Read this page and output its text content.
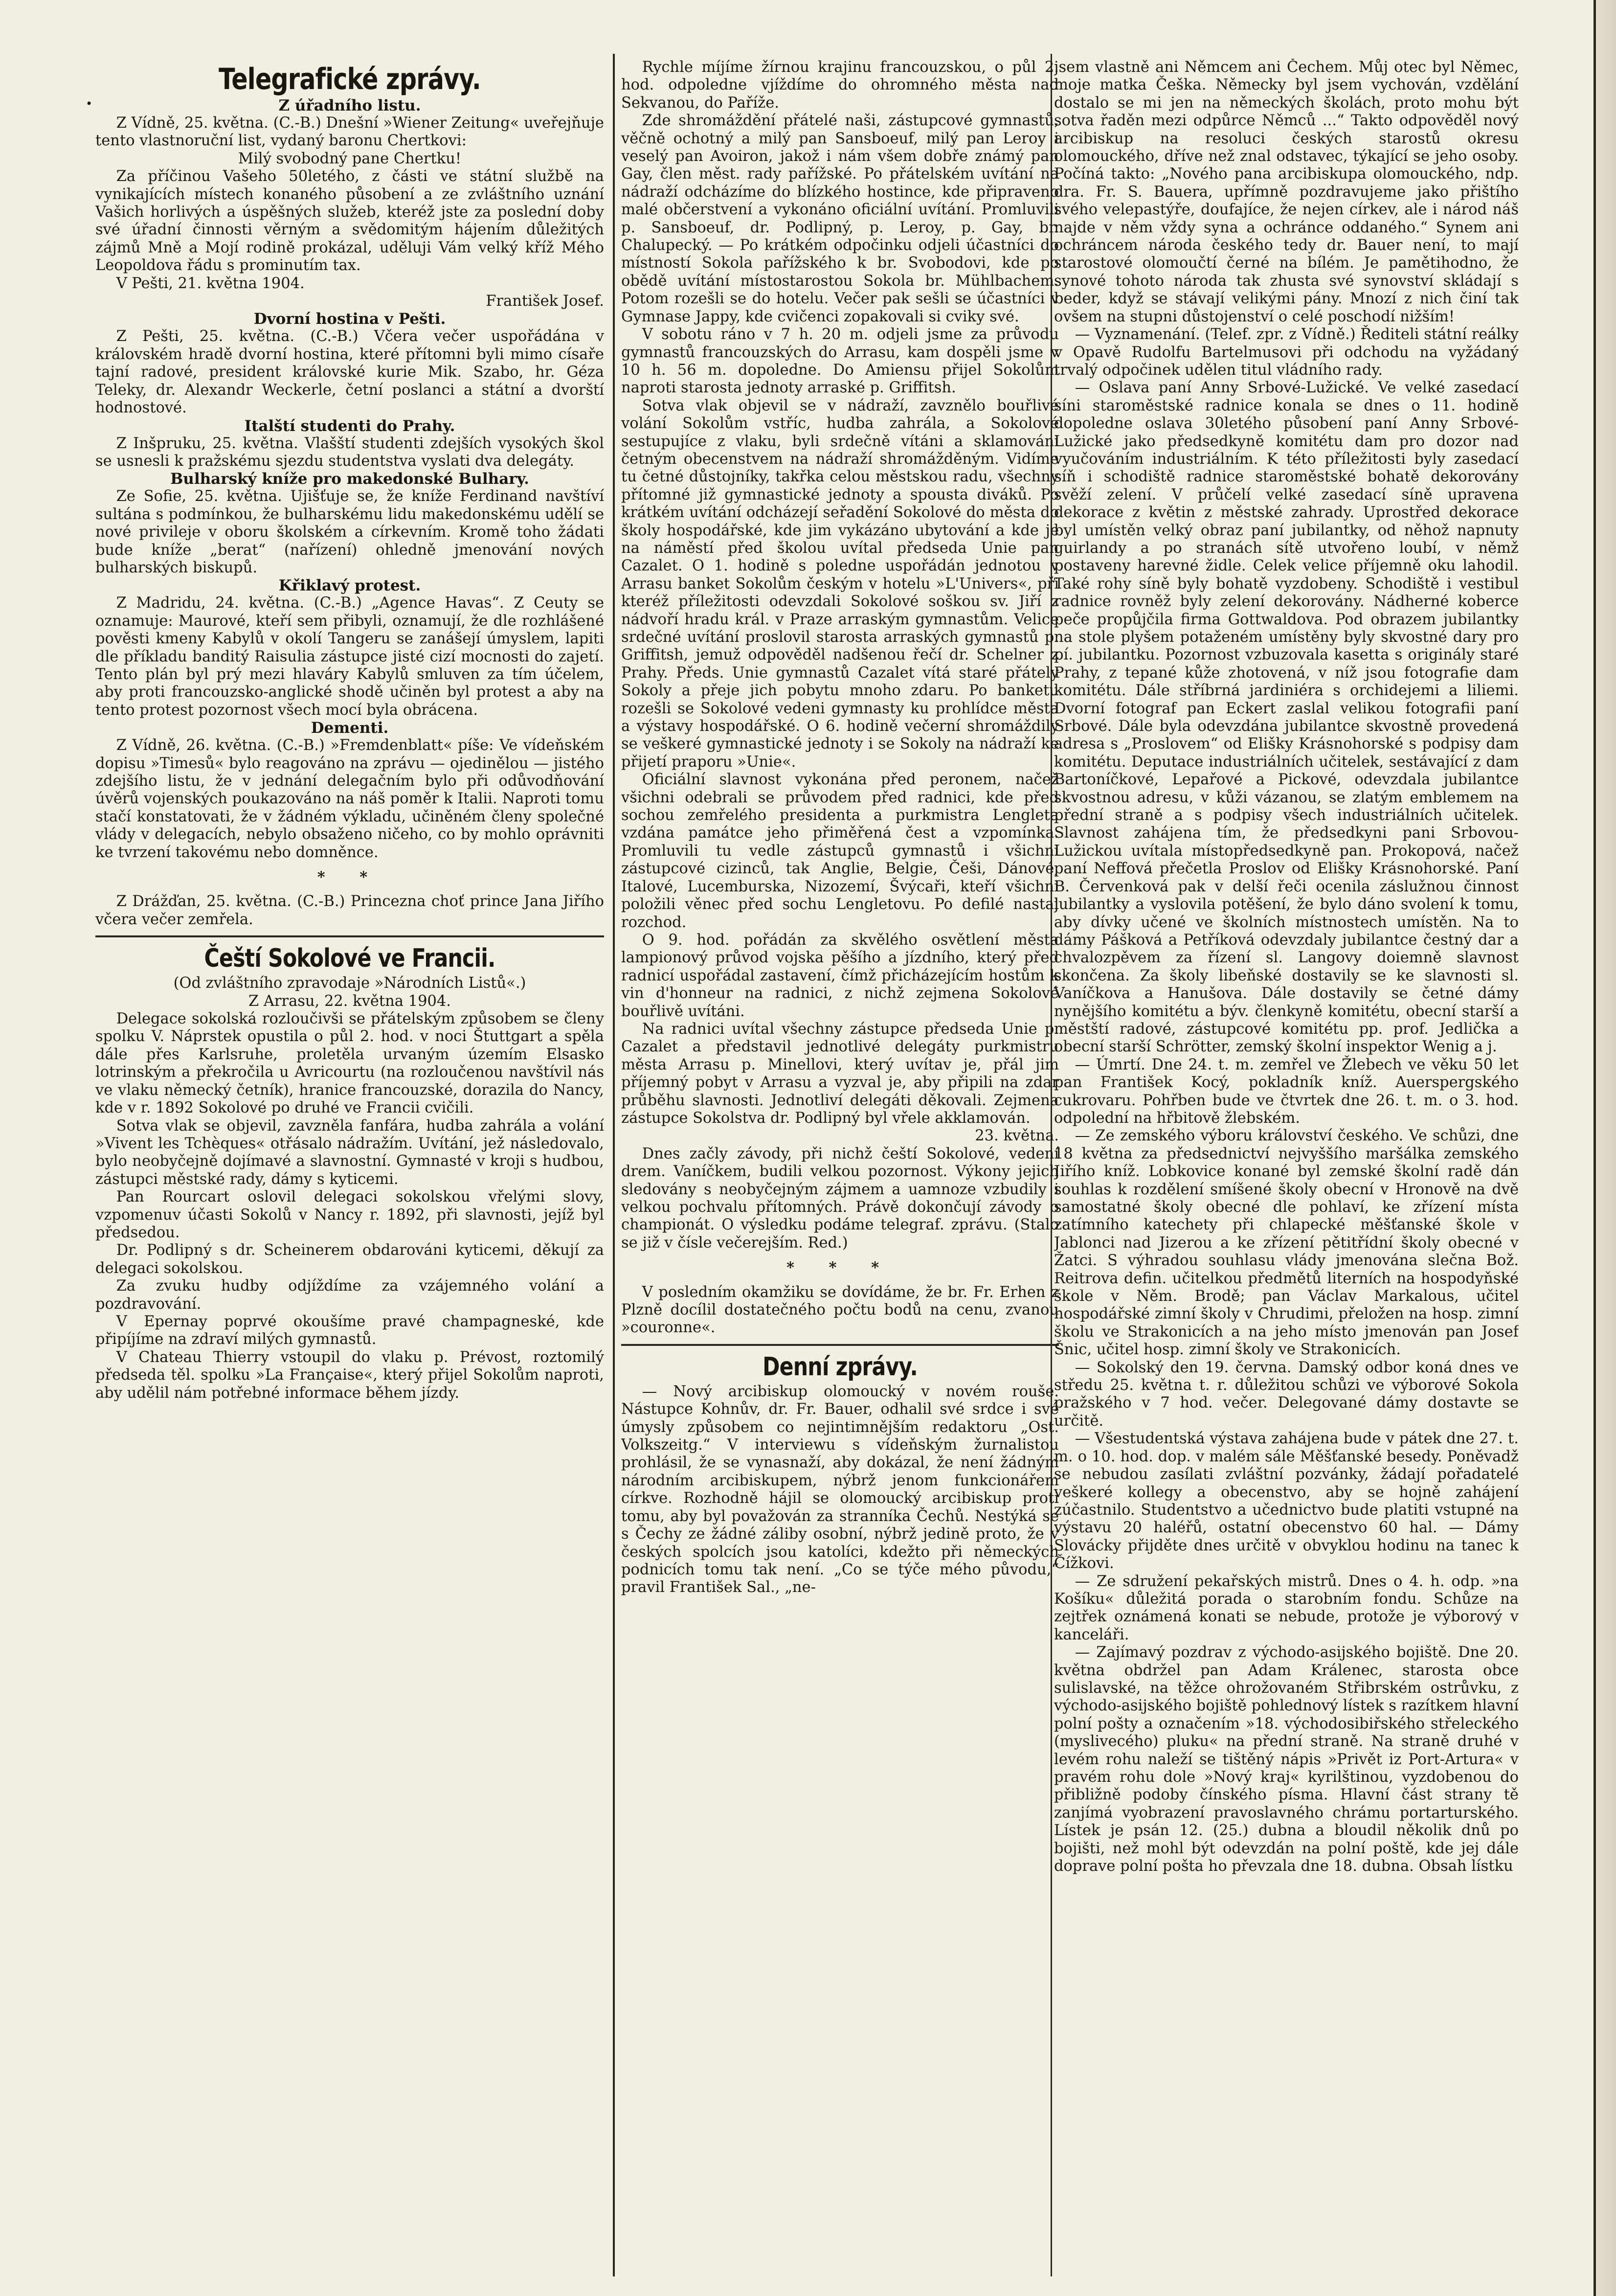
•
Telegrafické zprávy.
Z úřadního listu.

Z Vídně, 25. května. (C.-B.) Dnešní »Wiener Zeitung« uveřejňuje tento vlastnoruční list, vydaný baronu Chertkovi:

Milý svobodný pane Chertku!

Za příčinou Vašeho 50letého, z části ve státní službě na vynikajících místech konaného působení a ze zvláštního uznání Vašich horlivých a úspěšných služeb, kteréž jste za poslední doby své úřadní činnosti věrným a svědomitým hájením důležitých zájmů Mně a Mojí rodině prokázal, uděluji Vám velký kříž Mého Leopoldova řádu s prominutím tax.

V Pešti, 21. května 1904.

František Josef.
Dvorní hostina v Pešti.

Z Pešti, 25. května. (C.-B.) Včera večer uspořádána v královském hradě dvorní hostina, které přítomni byli mimo císaře tajní radové, president královské kurie Mik. Szabo, hr. Géza Teleky, dr. Alexandr Weckerle, četní poslanci a státní a dvorští hodnostové.

Italští studenti do Prahy.

Z Inšpruku, 25. května. Vlašští studenti zdejších vysokých škol se usnesli k pražskému sjezdu studentstva vyslati dva delegáty.

Bulharský kníže pro makedonské Bulhary.

Ze Sofie, 25. května. Ujišťuje se, že kníže Ferdinand navštíví sultána s podmínkou, že bulharskému lidu makedonskému udělí se nové privileje v oboru školském a církevním. Kromě toho žádati bude kníže „berat“ (nařízení) ohledně jmenování nových bulharských biskupů.

Křiklavý protest.

Z Madridu, 24. května. (C.-B.) „Agence Havas“. Z Ceuty se oznamuje: Maurové, kteří sem přibyli, oznamují, že dle rozhlášené pověsti kmeny Kabylů v okolí Tangeru se zanášejí úmyslem, lapiti dle příkladu banditý Raisulia zástupce jisté cizí mocnosti do zajetí. Tento plán byl prý mezi hlaváry Kabylů smluven za tím účelem, aby proti francouzsko-anglické shodě učiněn byl protest a aby na tento protest pozornost všech mocí byla obrácena.

Dementi.

Z Vídně, 26. května. (C.-B.) »Fremdenblatt« píše: Ve vídeňském dopisu »Timesů« bylo reagováno na zprávu — ojedinělou — jistého zdejšího listu, že v jednání delegačním bylo při odůvodňování úvěrů vojenských poukazováno na náš poměr k Italii. Naproti tomu stačí konstatovati, že v žádném výkladu, učiněném členy společné vlády v delegacích, nebylo obsaženo ničeho, co by mohlo oprávniti ke tvrzení takovému nebo domněnce.

* *

Z Drážďan, 25. května. (C.-B.) Princezna choť prince Jana Jiřího včera večer zemřela.

Čeští Sokolové ve Francii.
(Od zvláštního zpravodaje »Národních Listů«.)
Z Arrasu, 22. května 1904.

Delegace sokolská rozloučivši se přátelským způsobem se členy spolku V. Náprstek opustila o půl 2. hod. v noci Štuttgart a spěla dále přes Karlsruhe, proletěla urvaným územím Elsasko lotrinským a překročila u Avricourtu (na rozloučenou navštívil nás ve vlaku německý četník), hranice francouzské, dorazila do Nancy, kde v r. 1892 Sokolové po druhé ve Francii cvičili.

Sotva vlak se objevil, zavzněla fanfára, hudba zahrála a volání »Vivent les Tchèques« otřásalo nádražím. Uvítání, jež následovalo, bylo neobyčejně dojímavé a slavnostní. Gymnasté v kroji s hudbou, zástupci městské rady, dámy s kyticemi.

Pan Rourcart oslovil delegaci sokolskou vřelými slovy, vzpomenuv účasti Sokolů v Nancy r. 1892, při slavnosti, jejíž byl předsedou.

Dr. Podlipný s dr. Scheinerem obdarováni kyticemi, děkují za delegaci sokolskou.

Za zvuku hudby odjíždíme za vzájemného volání a pozdravování.

V Epernay poprvé okoušíme pravé champagneské, kde připíjíme na zdraví milých gymnastů.

V Chateau Thierry vstoupil do vlaku p. Prévost, roztomilý předseda těl. spolku »La Française«, který přijel Sokolům naproti, aby udělil nám potřebné informace během jízdy.

Rychle míjíme žírnou krajinu francouzskou, o půl 2. hod. odpoledne vjíždíme do ohromného města nad Sekvanou, do Paříže.

Zde shromáždění přátelé naši, zástupcové gymnastů, věčně ochotný a milý pan Sansboeuf, milý pan Leroy i veselý pan Avoiron, jakož i nám všem dobře známý pan Gay, člen měst. rady pařížské. Po přátelském uvítání na nádraží odcházíme do blízkého hostince, kde připraveno malé občerstvení a vykonáno oficiální uvítání. Promluvili p. Sansboeuf, dr. Podlipný, p. Leroy, p. Gay, br. Chalupecký. — Po krátkém odpočinku odjeli účastníci do místností Sokola pařížského k br. Svobodovi, kde po obědě uvítání místostarostou Sokola br. Mühlbachem. Potom rozešli se do hotelu. Večer pak sešli se účastníci v Gymnase Jappy, kde cvičenci zopakovali si cviky své.

V sobotu ráno v 7 h. 20 m. odjeli jsme za průvodu gymnastů francouzských do Arrasu, kam dospěli jsme v 10 h. 56 m. dopoledne. Do Amiensu přijel Sokolům naproti starosta jednoty arraské p. Griffitsh.

Sotva vlak objevil se v nádraží, zavznělo bouřlivé volání Sokolům vstříc, hudba zahrála, a Sokolové sestupujíce z vlaku, byli srdečně vítáni a sklamováni četným obecenstvem na nádraží shromážděným. Vidíme tu četné důstojníky, takřka celou městskou radu, všechny přítomné již gymnastické jednoty a spousta diváků. Po krátkém uvítání odcházejí seřadění Sokolové do města do školy hospodářské, kde jim vykázáno ubytování a kde je na náměstí před školou uvítal předseda Unie pan Cazalet. O 1. hodině s poledne uspořádán jednotou v Arrasu banket Sokolům českým v hotelu »L'Univers«, při kteréž příležitosti odevzdali Sokolové soškou sv. Jiří z nádvoří hradu král. v Praze arraským gymnastům. Velice srdečné uvítání proslovil starosta arraských gymnastů p. Griffitsh, jemuž odpověděl nadšenou řečí dr. Schelner z Prahy. Předs. Unie gymnastů Cazalet vítá staré přátely Sokoly a přeje jich pobytu mnoho zdaru. Po banketu rozešli se Sokolové vedeni gymnasty ku prohlídce města a výstavy hospodářské. O 6. hodině večerní shromáždily se veškeré gymnastické jednoty i se Sokoly na nádraží ke přijetí praporu »Unie«.

Oficiální slavnost vykonána před peronem, načež všichni odebrali se průvodem před radnici, kde před sochou zemřelého presidenta a purkmistra Lengleta vzdána památce jeho přiměřená čest a vzpomínka. Promluvili tu vedle zástupců gymnastů i všichni zástupcové cizinců, tak Anglie, Belgie, Češi, Dánové, Italové, Lucemburska, Nizozemí, Švýcaři, kteří všichni položili věnec před sochu Lengletovu. Po defilé nastal rozchod.

O 9. hod. pořádán za skvělého osvětlení města lampionový průvod vojska pěšího a jízdního, který před radnicí uspořádal zastavení, čímž přicházejícím hostům k vin d'honneur na radnici, z nichž zejmena Sokolové bouřlivě uvítáni.

Na radnici uvítal všechny zástupce předseda Unie p. Cazalet a představil jednotlivé delegáty purkmistru města Arrasu p. Minellovi, který uvítav je, přál jim příjemný pobyt v Arrasu a vyzval je, aby připili na zdar průběhu slavnosti. Jednotliví delegáti děkovali. Zejmena zástupce Sokolstva dr. Podlipný byl vřele akklamován.

23. května.

Dnes začly závody, při nichž čeští Sokolové, vedení drem. Vaníčkem, budili velkou pozornost. Výkony jejich sledovány s neobyčejným zájmem a uamnoze vzbudily i velkou pochvalu přítomných. Právě dokončují závody o championát. O výsledku podáme telegraf. zprávu. (Stalo se již v čísle večerejším. Red.)

* * *

V posledním okamžiku se dovídáme, že br. Fr. Erhen z Plzně docílil dostatečného počtu bodů na cenu, zvanou »couronne«.

Denní zprávy.

— Nový arcibiskup olomoucký v novém rouše. Nástupce Kohnův, dr. Fr. Bauer, odhalil své srdce i své úmysly způsobem co nejintimnějším redaktoru „Ost. Volkszeitg.“ V interviewu s vídeňským žurnalistou prohlásil, že se vynasnaží, aby dokázal, že není žádným národním arcibiskupem, nýbrž jenom funkcionářem církve. Rozhodně hájil se olomoucký arcibiskup proti tomu, aby byl považován za stranníka Čechů. Nestýká se s Čechy ze žádné záliby osobní, nýbrž jedině proto, že v českých spolcích jsou katolíci, kdežto při německých podnicích tomu tak není. „Co se týče mého původu,“ pravil František Sal., „ne-

jsem vlastně ani Němcem ani Čechem. Můj otec byl Němec, moje matka Češka. Německy byl jsem vychován, vzdělání dostalo se mi jen na německých školách, proto mohu být sotva řaděn mezi odpůrce Němců ...“ Takto odpověděl nový arcibiskup na resoluci českých starostů okresu olomouckého, dříve než znal odstavec, týkající se jeho osoby. Počíná takto: „Nového pana arcibiskupa olomouckého, ndp. dra. Fr. S. Bauera, upřímně pozdravujeme jako přištího svého velepastýře, doufajíce, že nejen církev, ale i národ náš najde v něm vždy syna a ochránce oddaného.“ Synem ani ochráncem národa českého tedy dr. Bauer není, to mají starostové olomoučtí černé na bílém. Je pamětihodno, že synové tohoto národa tak zhusta své synovství skládají s beder, když se stávají velikými pány. Mnozí z nich činí tak ovšem na stupni důstojenství o celé poschodí nižším!

— Vyznamenání. (Telef. zpr. z Vídně.) Řediteli státní reálky v Opavě Rudolfu Bartelmusovi při odchodu na vyžádaný trvalý odpočinek udělen titul vládního rady.

— Oslava paní Anny Srbové-Lužické. Ve velké zasedací síni staroměstské radnice konala se dnes o 11. hodině dopoledne oslava 30letého působení paní Anny Srbové-Lužické jako předsedkyně komitétu dam pro dozor nad vyučováním industriálním. K této příležitosti byly zasedací síň i schodiště radnice staroměstské bohatě dekorovány svěží zelení. V průčelí velké zasedací síně upravena dekorace z květin z městské zahrady. Uprostřed dekorace byl umístěn velký obraz paní jubilantky, od něhož napnuty guirlandy a po stranách sítě utvořeno loubí, v němž postaveny harevné židle. Celek velice příjemně oku lahodil. Také rohy síně byly bohatě vyzdobeny. Schodiště i vestibul radnice rovněž byly zelení dekorovány. Nádherné koberce peče propůjčila firma Gottwaldova. Pod obrazem jubilantky na stole plyšem potaženém umístěny byly skvostné dary pro pí. jubilantku. Pozornost vzbuzovala kasetta s originály staré Prahy, z tepané kůže zhotovená, v níž jsou fotografie dam komitétu. Dále stříbrná jardiniéra s orchidejemi a liliemi. Dvorní fotograf pan Eckert zaslal velikou fotografii paní Srbové. Dále byla odevzdána jubilantce skvostně provedená adresa s „Proslovem“ od Elišky Krásnohorské s podpisy dam komitétu. Deputace industriálních učitelek, sestávající z dam Bartoníčkové, Lepařové a Pickové, odevzdala jubilantce skvostnou adresu, v kůži vázanou, se zlatým emblemem na přední straně a s podpisy všech industriálních učitelek. Slavnost zahájena tím, že předsedkyni pani Srbovou-Lužickou uvítala místopředsedkyně pan. Prokopová, načež paní Neffová přečetla Proslov od Elišky Krásnohorské. Paní B. Červenková pak v delší řeči ocenila záslužnou činnost jubilantky a vyslovila potěšení, že bylo dáno svolení k tomu, aby dívky učené ve školních místnostech umístěn. Na to dámy Pášková a Petříková odevzdaly jubilantce čestný dar a chvalozpěvem za řízení sl. Langovy doiemně slavnost skončena. Za školy libeňské dostavily se ke slavnosti sl. Vaníčkova a Hanušova. Dále dostavily se četné dámy nynějšího komitétu a býv. členkyně komitétu, obecní starší a městští radové, zástupcové komitétu pp. prof. Jedlička a obecní starší Schrötter, zemský školní inspektor Wenig a j.

— Úmrtí. Dne 24. t. m. zemřel ve Žlebech ve věku 50 let pan František Kocý, pokladník kníž. Auerspergského cukrovaru. Pohřben bude ve čtvrtek dne 26. t. m. o 3. hod. odpolední na hřbitově žlebském.

— Ze zemského výboru království českého. Ve schůzi, dne 18 května za předsednictví nejvyššího maršálka zemského Jiřího kníž. Lobkovice konané byl zemské školní radě dán souhlas k rozdělení smíšené školy obecní v Hronově na dvě samostatné školy obecné dle pohlaví, ke zřízení místa zatímního katechety při chlapecké měšťanské škole v Jablonci nad Jizerou a ke zřízení pětitřídní školy obecné v Žatci. S výhradou souhlasu vlády jmenována slečna Bož. Reitrova defin. učitelkou předmětů literních na hospodyňské škole v Něm. Brodě; pan Václav Markalous, učitel hospodářské zimní školy v Chrudimi, přeložen na hosp. zimní školu ve Strakonicích a na jeho místo jmenován pan Josef Šnic, učitel hosp. zimní školy ve Strakonicích.

— Sokolský den 19. června. Damský odbor koná dnes ve středu 25. května t. r. důležitou schůzi ve výborové Sokola pražského v 7 hod. večer. Delegované dámy dostavte se určitě.

— Všestudentská výstava zahájena bude v pátek dne 27. t. m. o 10. hod. dop. v malém sále Měšťanské besedy. Poněvadž se nebudou zasílati zvláštní pozvánky, žádají pořadatelé veškeré kollegy a obecenstvo, aby se hojně zahájení zúčastnilo. Studentstvo a učednictvo bude platiti vstupné na výstavu 20 haléřů, ostatní obecenstvo 60 hal. — Dámy Slovácky přijděte dnes určitě v obvyklou hodinu na tanec k Čížkovi.

— Ze sdružení pekařských mistrů. Dnes o 4. h. odp. »na Košíku« důležitá porada o starobním fondu. Schůze na zejtřek oznámená konati se nebude, protože je výborový v kanceláři.

— Zajímavý pozdrav z východo-asijského bojiště. Dne 20. května obdržel pan Adam Králenec, starosta obce sulislavské, na těžce ohrožovaném Střibrském ostrůvku, z východo-asijského bojiště pohlednový lístek s razítkem hlavní polní pošty a označením »18. východosibiřského střeleckého (myslivecého) pluku« na přední straně. Na straně druhé v levém rohu naleží se tištěný nápis »Privět iz Port-Artura« v pravém rohu dole »Nový kraj« kyrilštinou, vyzdobenou do přibližně podoby čínského písma. Hlavní část strany tě zanjímá vyobrazení pravoslavného chrámu portarturského. Lístek je psán 12. (25.) dubna a bloudil několik dnů po bojišti, než mohl být odevzdán na polní poště, kde jej dále doprave polní pošta ho převzala dne 18. dubna. Obsah lístku
